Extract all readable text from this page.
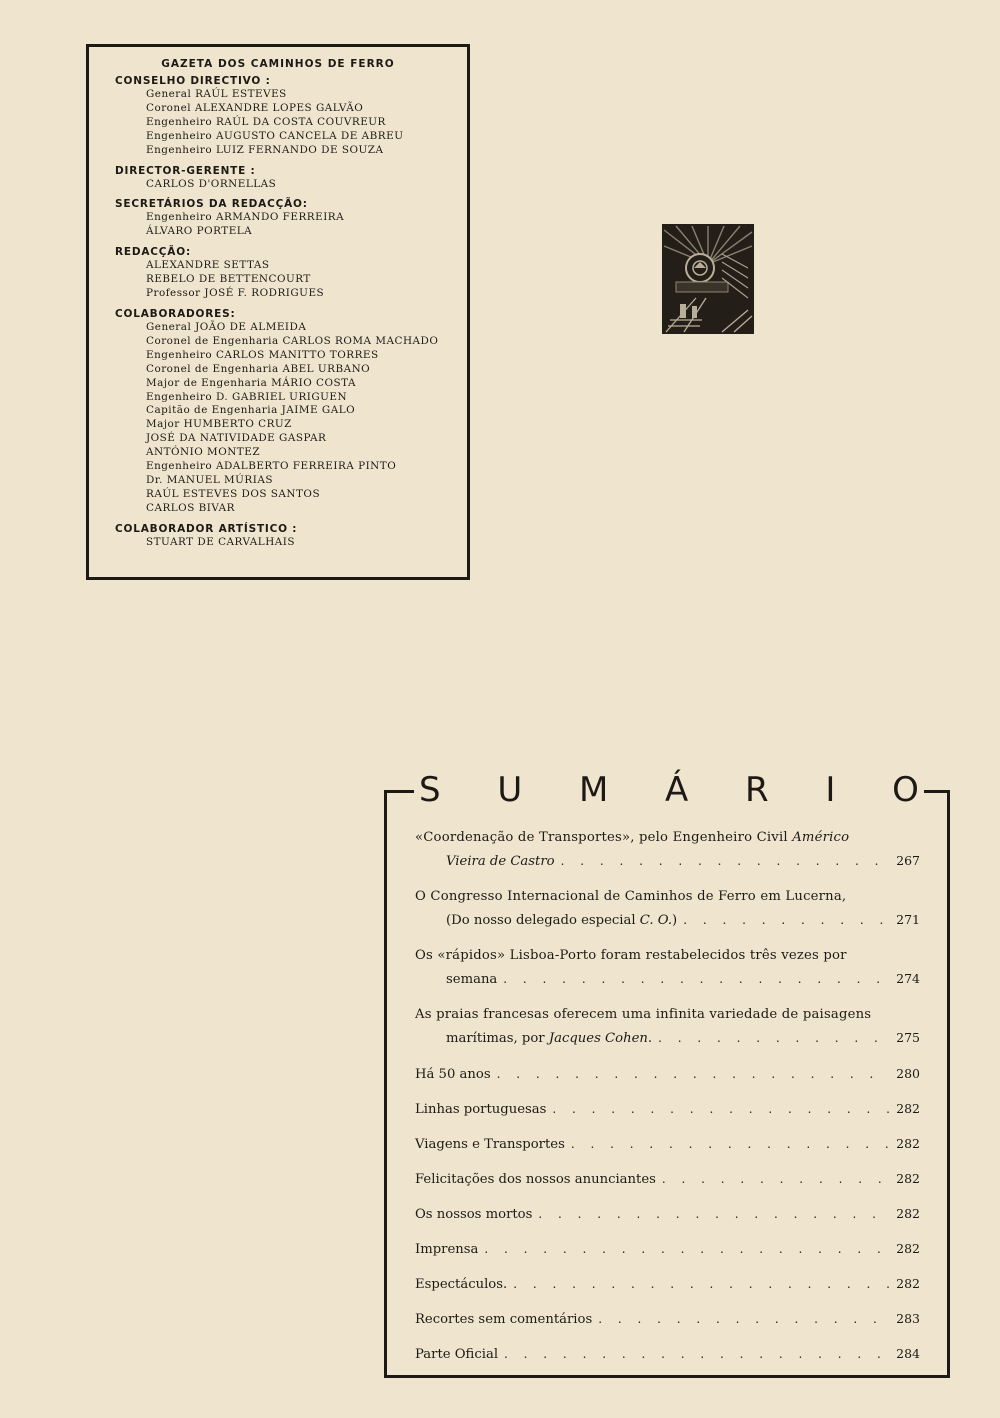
GAZETA DOS CAMINHOS DE FERRO
CONSELHO DIRECTIVO :
General RAÚL ESTEVES
Coronel ALEXANDRE LOPES GALVÃO
Engenheiro RAÚL DA COSTA COUVREUR
Engenheiro AUGUSTO CANCELA DE ABREU
Engenheiro LUIZ FERNANDO DE SOUZA
DIRECTOR-GERENTE :
CARLOS D'ORNELLAS
SECRETÁRIOS DA REDACÇÃO:
Engenheiro ARMANDO FERREIRA
ÁLVARO PORTELA
REDACÇÃO:
ALEXANDRE SETTAS
REBELO DE BETTENCOURT
Professor JOSÉ F. RODRIGUES
COLABORADORES:
General JOÃO DE ALMEIDA
Coronel de Engenharia CARLOS ROMA MACHADO
Engenheiro CARLOS MANITTO TORRES
Coronel de Engenharia ABEL URBANO
Major de Engenharia MÁRIO COSTA
Engenheiro D. GABRIEL URIGUEN
Capitão de Engenharia JAIME GALO
Major HUMBERTO CRUZ
JOSÉ DA NATIVIDADE GASPAR
ANTÓNIO MONTEZ
Engenheiro ADALBERTO FERREIRA PINTO
Dr. MANUEL MÚRIAS
RAÚL ESTEVES DOS SANTOS
CARLOS BIVAR
COLABORADOR ARTÍSTICO :
STUART DE CARVALHAIS
S U M Á R I O
«Coordenação de Transportes», pelo Engenheiro Civil Américo
Vieira de Castro . . .	267
O Congresso Internacional de Caminhos de Ferro em Lucerna,
(Do nosso delegado especial C. O.) . . .	271
Os «rápidos» Lisboa-Porto foram restabelecidos três vezes por
semana . . .	274
As praias francesas oferecem uma infinita variedade de paisagens
marítimas, por Jacques Cohen. . . .	275
Há 50 anos . . .	280
Linhas portuguesas . . .	282
Viagens e Transportes . . .	282
Felicitações dos nossos anunciantes . . .	282
Os nossos mortos . . .	282
Imprensa . . .	282
Espectáculos. . . .	282
Recortes sem comentários . . .	283
Parte Oficial . . .	284
